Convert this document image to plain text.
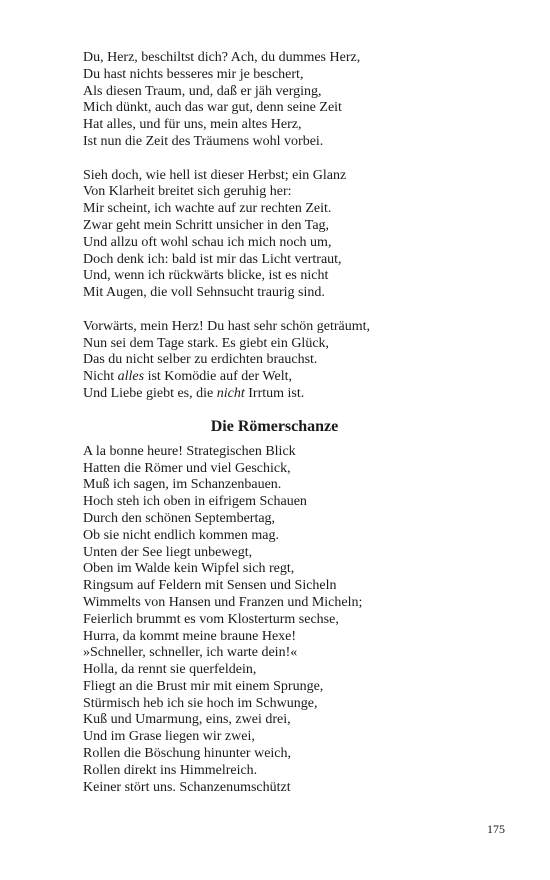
Du, Herz, beschiltst dich? Ach, du dummes Herz,
Du hast nichts besseres mir je beschert,
Als diesen Traum, und, daß er jäh verging,
Mich dünkt, auch das war gut, denn seine Zeit
Hat alles, und für uns, mein altes Herz,
Ist nun die Zeit des Träumens wohl vorbei.
Sieh doch, wie hell ist dieser Herbst; ein Glanz
Von Klarheit breitet sich geruhig her:
Mir scheint, ich wachte auf zur rechten Zeit.
Zwar geht mein Schritt unsicher in den Tag,
Und allzu oft wohl schau ich mich noch um,
Doch denk ich: bald ist mir das Licht vertraut,
Und, wenn ich rückwärts blicke, ist es nicht
Mit Augen, die voll Sehnsucht traurig sind.
Vorwärts, mein Herz! Du hast sehr schön geträumt,
Nun sei dem Tage stark. Es giebt ein Glück,
Das du nicht selber zu erdichten brauchst.
Nicht alles ist Komödie auf der Welt,
Und Liebe giebt es, die nicht Irrtum ist.
Die Römerschanze
A la bonne heure! Strategischen Blick
Hatten die Römer und viel Geschick,
Muß ich sagen, im Schanzenbauen.
Hoch steh ich oben in eifrigem Schauen
Durch den schönen Septembertag,
Ob sie nicht endlich kommen mag.
Unten der See liegt unbewegt,
Oben im Walde kein Wipfel sich regt,
Ringsum auf Feldern mit Sensen und Sicheln
Wimmelts von Hansen und Franzen und Micheln;
Feierlich brummt es vom Klosterturm sechse,
Hurra, da kommt meine braune Hexe!
»Schneller, schneller, ich warte dein!«
Holla, da rennt sie querfeldein,
Fliegt an die Brust mir mit einem Sprunge,
Stürmisch heb ich sie hoch im Schwunge,
Kuß und Umarmung, eins, zwei drei,
Und im Grase liegen wir zwei,
Rollen die Böschung hinunter weich,
Rollen direkt ins Himmelreich.
Keiner stört uns. Schanzenumschützt
175
